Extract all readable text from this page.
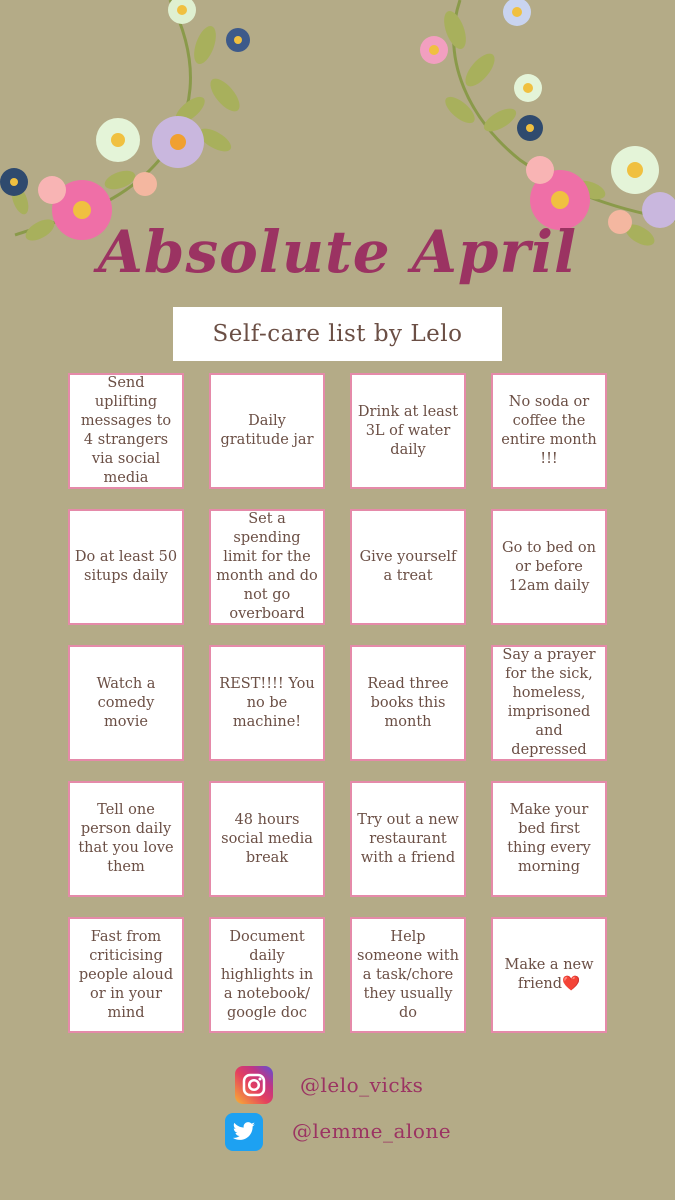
Absolute April
Self-care list by Lelo
Send uplifting messages to 4 strangers via social media
Daily gratitude jar
Drink at least 3L of water daily
No soda or coffee the entire month !!!
Do at least 50 situps daily
Set a spending limit for the month and do not go overboard
Give yourself a treat
Go to bed on or before 12am daily
Watch a comedy movie
REST!!!! You no be machine!
Read three books this month
Say a prayer for the sick, homeless, imprisoned and depressed
Tell one person daily that you love them
48 hours social media break
Try out a new restaurant with a friend
Make your bed first thing every morning
Fast from criticising people aloud or in your mind
Document daily highlights in a notebook/ google doc
Help someone with a task/chore they usually do
Make a new friend❤️
@lelo_vicks
@lemme_alone
